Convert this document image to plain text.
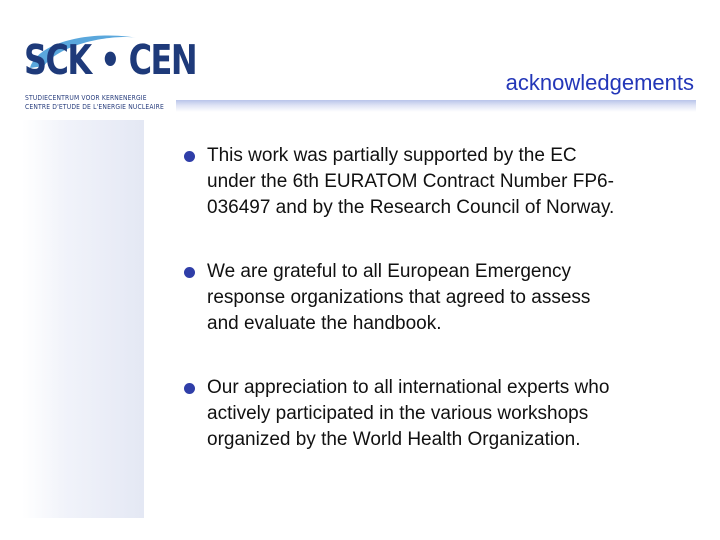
SCK • CEN
STUDIECENTRUM VOOR KERNENERGIE
CENTRE D'ETUDE DE L'ENERGIE NUCLEAIRE
acknowledgements
This work was partially supported by the EC
under the 6th EURATOM Contract Number FP6-
036497 and by the Research Council of Norway.
We are grateful to all European Emergency
response organizations that agreed to assess
and evaluate the handbook.
Our appreciation to all international experts who
actively participated in the various workshops
organized by the World Health Organization.
